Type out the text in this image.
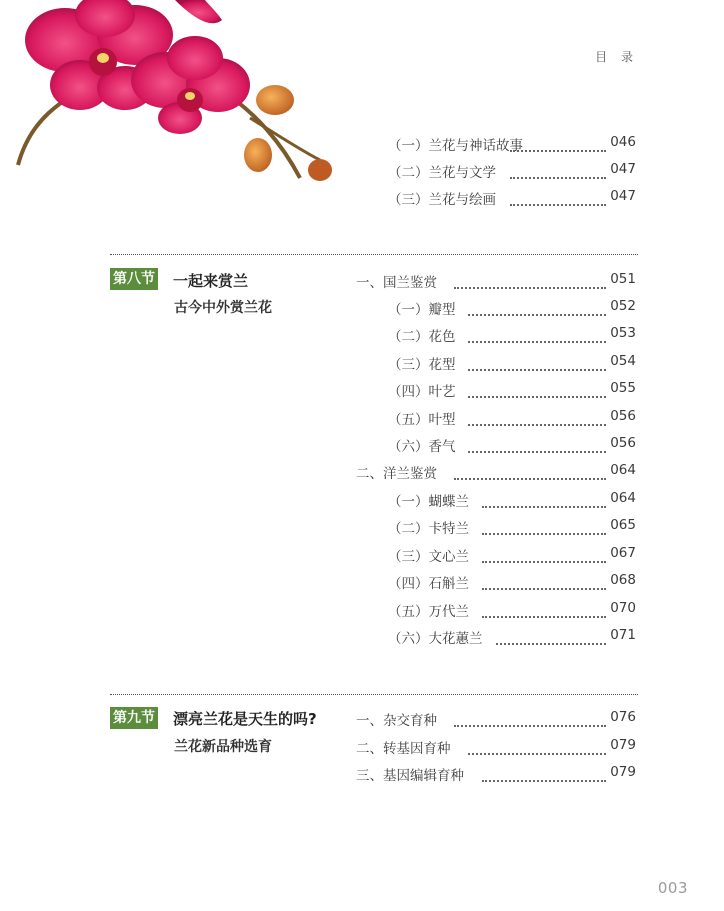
目 录
（一）兰花与神话故事	046
（二）兰花与文学	047
（三）兰花与绘画	047
第八节 一起来赏兰
古今中外赏兰花
一、国兰鉴赏	051
（一）瓣型	052
（二）花色	053
（三）花型	054
（四）叶艺	055
（五）叶型	056
（六）香气	056
二、洋兰鉴赏	064
（一）蝴蝶兰	064
（二）卡特兰	065
（三）文心兰	067
（四）石斛兰	068
（五）万代兰	070
（六）大花蕙兰	071
第九节 漂亮兰花是天生的吗?
兰花新品种选育
一、杂交育种	076
二、转基因育种	079
三、基因编辑育种	079
003
